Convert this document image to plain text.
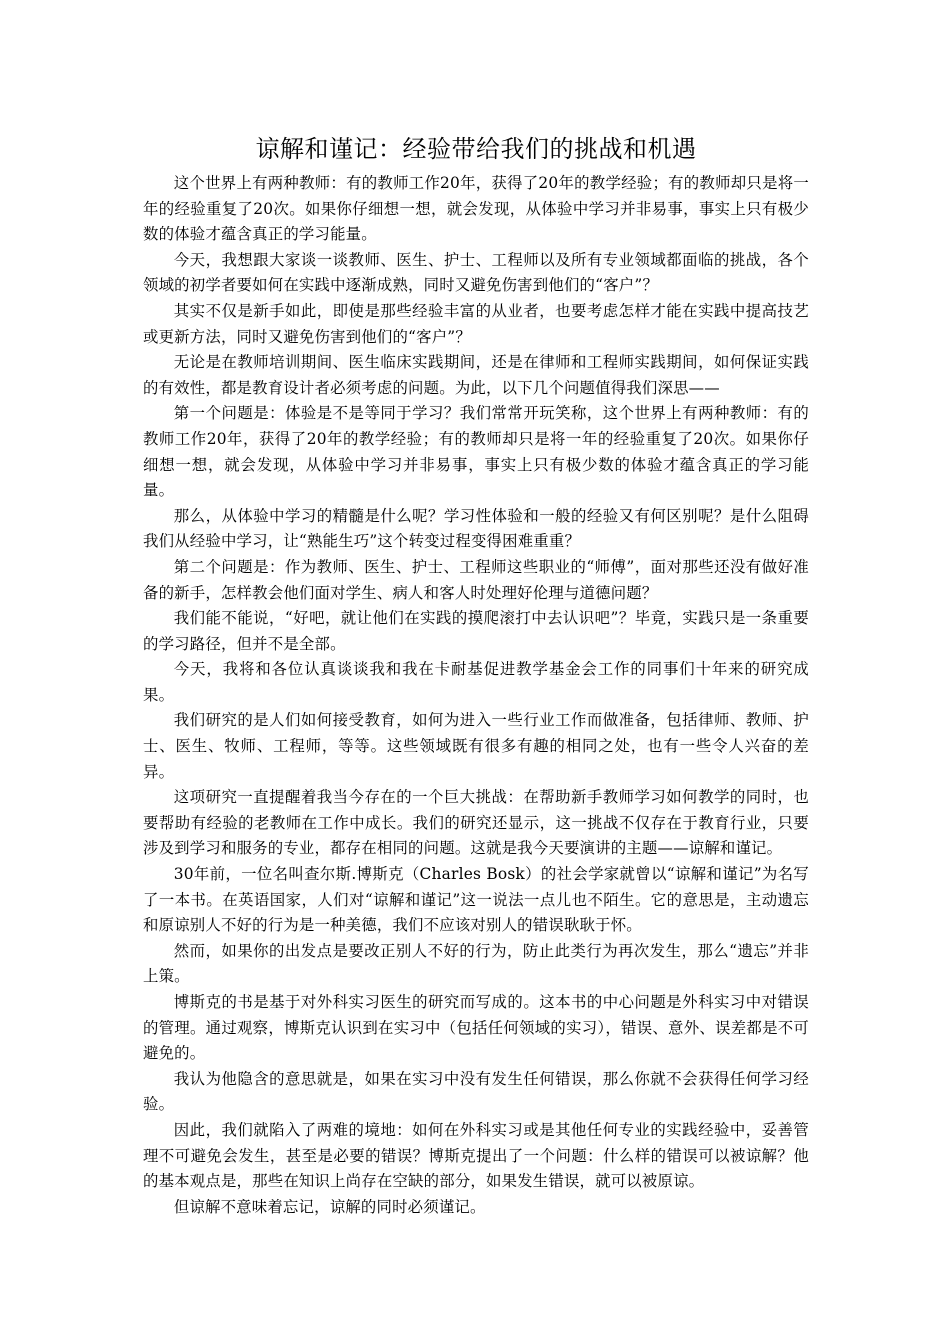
谅解和谨记：经验带给我们的挑战和机遇

这个世界上有两种教师：有的教师工作20年，获得了20年的教学经验；有的教师却只是将一年的经验重复了20次。如果你仔细想一想，就会发现，从体验中学习并非易事，事实上只有极少数的体验才蕴含真正的学习能量。

今天，我想跟大家谈一谈教师、医生、护士、工程师以及所有专业领域都面临的挑战，各个领域的初学者要如何在实践中逐渐成熟，同时又避免伤害到他们的“客户”？

其实不仅是新手如此，即使是那些经验丰富的从业者，也要考虑怎样才能在实践中提高技艺或更新方法，同时又避免伤害到他们的“客户”？

无论是在教师培训期间、医生临床实践期间，还是在律师和工程师实践期间，如何保证实践的有效性，都是教育设计者必须考虑的问题。为此，以下几个问题值得我们深思——

第一个问题是：体验是不是等同于学习？我们常常开玩笑称，这个世界上有两种教师：有的教师工作20年，获得了20年的教学经验；有的教师却只是将一年的经验重复了20次。如果你仔细想一想，就会发现，从体验中学习并非易事，事实上只有极少数的体验才蕴含真正的学习能量。

那么，从体验中学习的精髓是什么呢？学习性体验和一般的经验又有何区别呢？是什么阻碍我们从经验中学习，让“熟能生巧”这个转变过程变得困难重重？

第二个问题是：作为教师、医生、护士、工程师这些职业的“师傅”，面对那些还没有做好准备的新手，怎样教会他们面对学生、病人和客人时处理好伦理与道德问题？

我们能不能说，“好吧，就让他们在实践的摸爬滚打中去认识吧”？毕竟，实践只是一条重要的学习路径，但并不是全部。

今天，我将和各位认真谈谈我和我在卡耐基促进教学基金会工作的同事们十年来的研究成果。

我们研究的是人们如何接受教育，如何为进入一些行业工作而做准备，包括律师、教师、护士、医生、牧师、工程师，等等。这些领域既有很多有趣的相同之处，也有一些令人兴奋的差异。

这项研究一直提醒着我当今存在的一个巨大挑战：在帮助新手教师学习如何教学的同时，也要帮助有经验的老教师在工作中成长。我们的研究还显示，这一挑战不仅存在于教育行业，只要涉及到学习和服务的专业，都存在相同的问题。这就是我今天要演讲的主题——谅解和谨记。

30年前，一位名叫查尔斯.博斯克（Charles Bosk）的社会学家就曾以“谅解和谨记”为名写了一本书。在英语国家，人们对“谅解和谨记”这一说法一点儿也不陌生。它的意思是，主动遗忘和原谅别人不好的行为是一种美德，我们不应该对别人的错误耿耿于怀。

然而，如果你的出发点是要改正别人不好的行为，防止此类行为再次发生，那么“遗忘”并非上策。

博斯克的书是基于对外科实习医生的研究而写成的。这本书的中心问题是外科实习中对错误的管理。通过观察，博斯克认识到在实习中（包括任何领域的实习），错误、意外、误差都是不可避免的。

我认为他隐含的意思就是，如果在实习中没有发生任何错误，那么你就不会获得任何学习经验。

因此，我们就陷入了两难的境地：如何在外科实习或是其他任何专业的实践经验中，妥善管理不可避免会发生，甚至是必要的错误？博斯克提出了一个问题：什么样的错误可以被谅解？他的基本观点是，那些在知识上尚存在空缺的部分，如果发生错误，就可以被原谅。

但谅解不意味着忘记，谅解的同时必须谨记。
